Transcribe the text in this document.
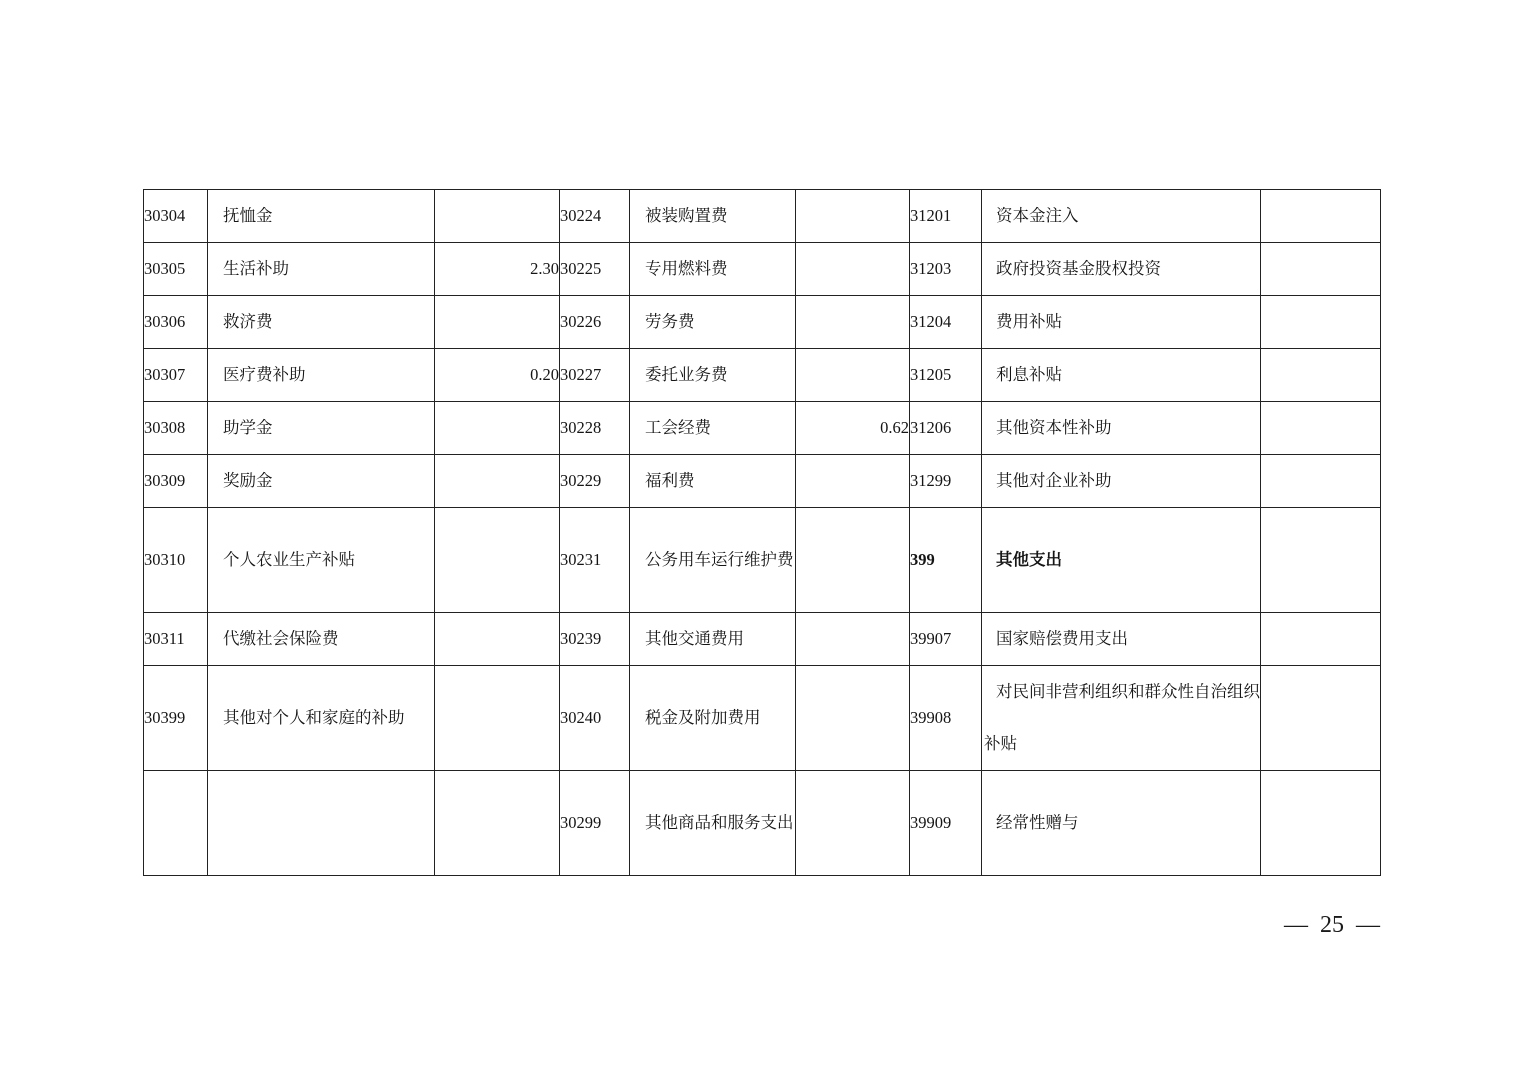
30304	抚恤金		30224	被装购置费		31201	资本金注入	
30305	生活补助	2.30	30225	专用燃料费		31203	政府投资基金股权投资	
30306	救济费		30226	劳务费		31204	费用补贴	
30307	医疗费补助	0.20	30227	委托业务费		31205	利息补贴	
30308	助学金		30228	工会经费	0.62	31206	其他资本性补助	
30309	奖励金		30229	福利费		31299	其他对企业补助	
30310	个人农业生产补贴		30231	公务用车运行维护费		399	其他支出	
30311	代缴社会保险费		30239	其他交通费用		39907	国家赔偿费用支出	
30399	其他对个人和家庭的补助		30240	税金及附加费用		39908	对民间非营利组织和群众性自治组织补贴	
			30299	其他商品和服务支出		39909	经常性赠与	
— 25 —
